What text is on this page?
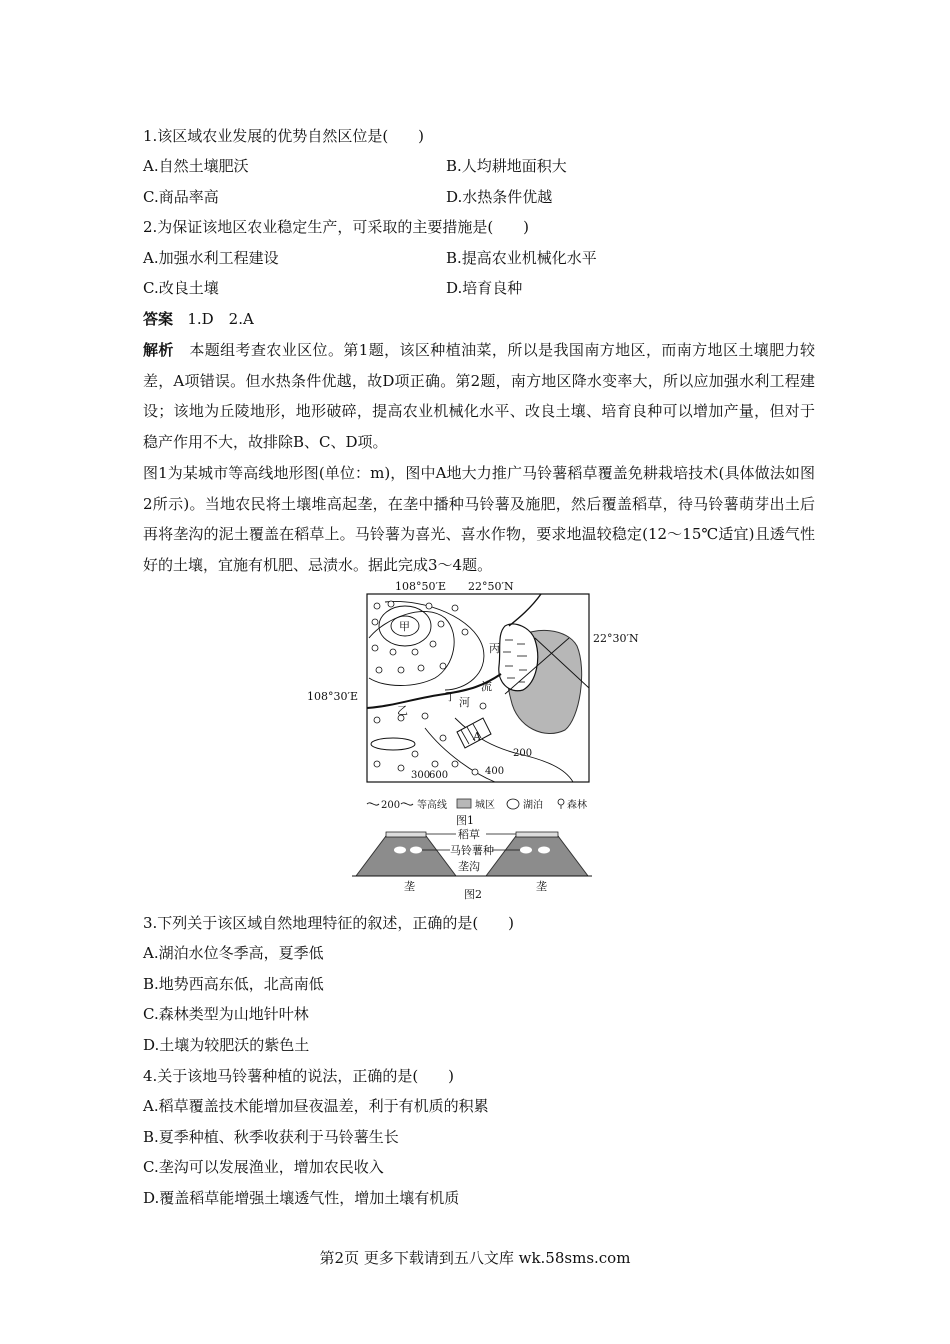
1.该区域农业发展的优势自然区位是(　　)
A.自然土壤肥沃	B.人均耕地面积大
C.商品率高	D.水热条件优越
2.为保证该地区农业稳定生产，可采取的主要措施是(　　)
A.加强水利工程建设	B.提高农业机械化水平
C.改良土壤	D.培育良种
答案 1.D　2.A
解析 本题组考查农业区位。第1题，该区种植油菜，所以是我国南方地区，而南方地区土壤肥力较差，A项错误。但水热条件优越，故D项正确。第2题，南方地区降水变率大，所以应加强水利工程建设；该地为丘陵地形，地形破碎，提高农业机械化水平、改良土壤、培育良种可以增加产量，但对于稳产作用不大，故排除B、C、D项。
图1为某城市等高线地形图(单位：m)，图中A地大力推广马铃薯稻草覆盖免耕栽培技术(具体做法如图2所示)。当地农民将土壤堆高起垄，在垄中播种马铃薯及施肥，然后覆盖稻草，待马铃薯萌芽出土后再将垄沟的泥土覆盖在稻草上。马铃薯为喜光、喜水作物，要求地温较稳定(12～15℃适宜)且透气性好的土壤，宜施有机肥、忌渍水。据此完成3～4题。
108°50′E 22°50′N
22°30′N
108°30′E
甲
丙
乙
丁 河
流
A
200
300
600	400
200 等高线	城区	湖泊 森林
图1
稻草
马铃薯种
垄沟
垄	垄
图2
3.下列关于该区域自然地理特征的叙述，正确的是(　　)
A.湖泊水位冬季高，夏季低
B.地势西高东低，北高南低
C.森林类型为山地针叶林
D.土壤为较肥沃的紫色土
4.关于该地马铃薯种植的说法，正确的是(　　)
A.稻草覆盖技术能增加昼夜温差，利于有机质的积累
B.夏季种植、秋季收获利于马铃薯生长
C.垄沟可以发展渔业，增加农民收入
D.覆盖稻草能增强土壤透气性，增加土壤有机质
第2页 更多下载请到五八文库 wk.58sms.com
